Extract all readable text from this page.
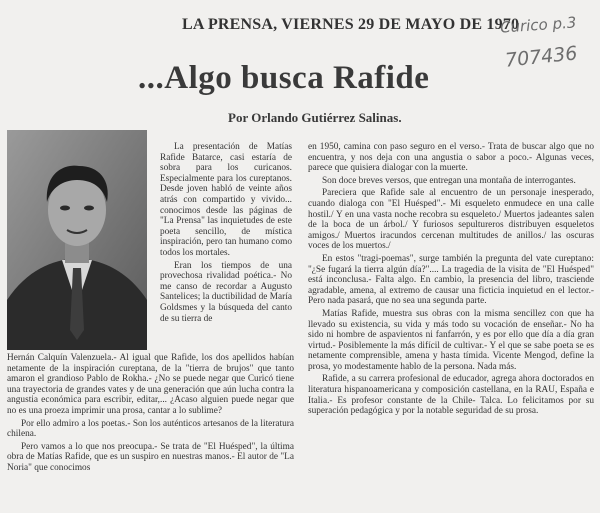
LA PRENSA, VIERNES 29 DE MAYO DE 1970
Curico p.3
707436
...Algo busca Rafide
Por Orlando Gutiérrez Salinas.

La presentación de Matías Rafide Batarce, casi estaría de sobra para los curicanos. Especialmente para los cureptanos. Desde joven habló de veinte años atrás con compartido y vivido... conocimos desde las páginas de "La Prensa" las inquietudes de este poeta sencillo, de mística inspiración, pero tan humano como todos los mortales.

Eran los tiempos de una provechosa rivalidad poética.- No me canso de recordar a Augusto Santelices; la ductibilidad de María Goldsmes y la búsqueda del canto de su tierra de

Hernán Calquín Valenzuela.- Al igual que Rafide, los dos apellidos habían netamente de la inspiración cureptana, de la "tierra de brujos" que tanto amaron el grandioso Pablo de Rokha.- ¿No se puede negar que Curicó tiene una trayectoria de grandes vates y de una generación que aún lucha contra la angustia económica para escribir, editar,... ¿Acaso alguien puede negar que no es una proeza imprimir una prosa, cantar a lo sublime?

Por ello admiro a los poetas.- Son los auténticos artesanos de la literatura chilena.

Pero vamos a lo que nos preocupa.- Se trata de "El Huésped", la última obra de Matías Rafide, que es un suspiro en nuestras manos.- El autor de "La Noria" que conocimos

en 1950, camina con paso seguro en el verso.- Trata de buscar algo que no encuentra, y nos deja con una angustia o sabor a poco.- Algunas veces, parece que quisiera dialogar con la muerte.

Son doce breves versos, que entregan una montaña de interrogantes.

Pareciera que Rafide sale al encuentro de un personaje inesperado, cuando dialoga con "El Huésped".- Mi esqueleto enmudece en una calle hostil./ Y en una vasta noche recobra su esqueleto./ Muertos jadeantes salen de la boca de un árbol./ Y furiosos sepultureros distribuyen esqueletos amigos./ Muertos iracundos cercenan multitudes de anillos./ las oscuras voces de los muertos./

En estos "tragi-poemas", surge también la pregunta del vate cureptano: "¿Se fugará la tierra algún día?".... La tragedia de la visita de "El Huésped" está inconclusa.- Falta algo. En cambio, la presencia del libro, trasciende agradable, amena, al extremo de causar una ficticia inquietud en el lector.- Pero nada pasará, que no sea una segunda parte.

Matías Rafide, muestra sus obras con la misma sencillez con que ha llevado su existencia, su vida y más todo su vocación de enseñar.- No ha sido ni hombre de aspavientos ni fanfarrón, y es por ello que día a día gran virtud.- Posiblemente la más difícil de cultivar.- Y el que se sabe poeta se es netamente comprensible, amena y hasta tímida. Vicente Mengod, define la prosa, yo modestamente hablo de la persona. Nada más.

Rafide, a su carrera profesional de educador, agrega ahora doctorados en literatura hispanoamericana y composición castellana, en la RAU, España e Italia.- Es profesor constante de la Chile- Talca. Lo felicitamos por su superación pedagógica y por la notable seguridad de su prosa.
